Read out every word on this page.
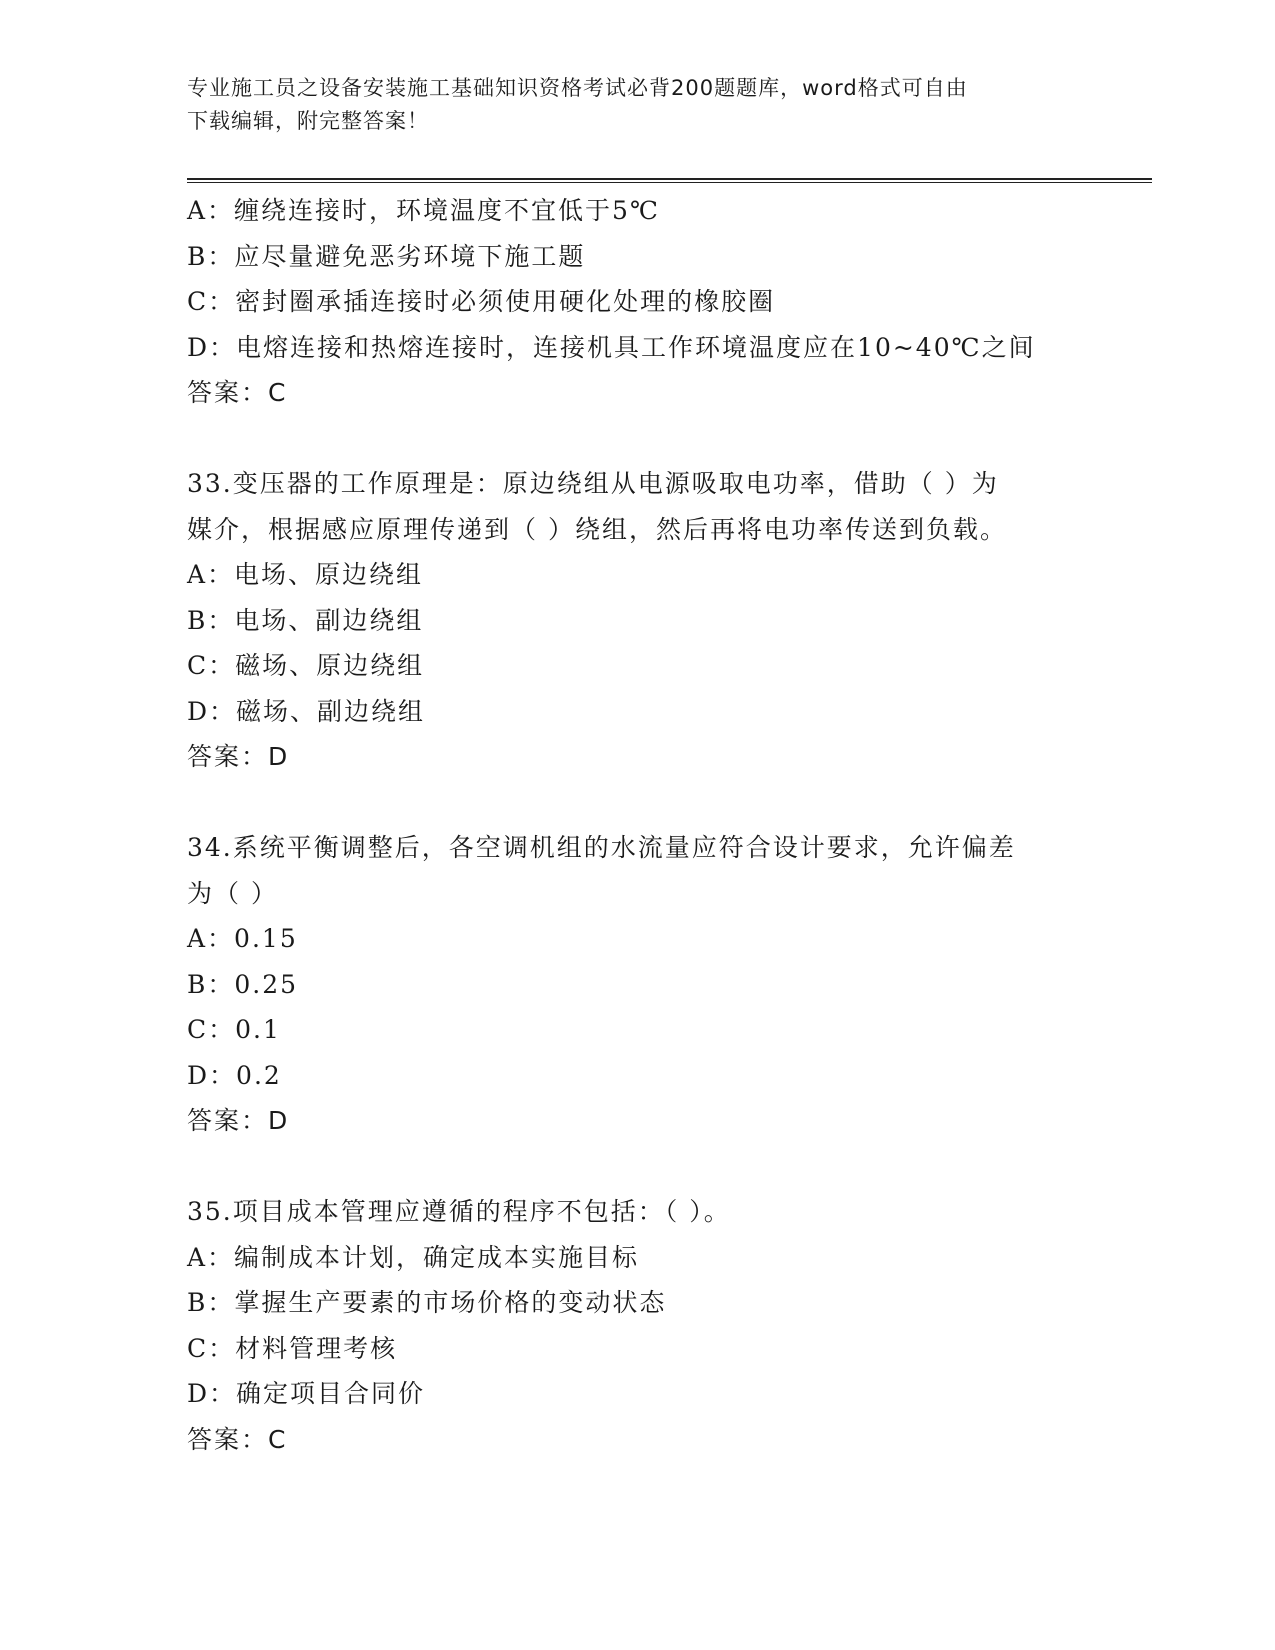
专业施工员之设备安装施工基础知识资格考试必背200题题库，word格式可自由
下载编辑，附完整答案！
A：缠绕连接时，环境温度不宜低于5℃
B：应尽量避免恶劣环境下施工题
C：密封圈承插连接时必须使用硬化处理的橡胶圈
D：电熔连接和热熔连接时，连接机具工作环境温度应在10~40℃之间
答案：C
33.变压器的工作原理是：原边绕组从电源吸取电功率，借助（ ）为
媒介，根据感应原理传递到（ ）绕组，然后再将电功率传送到负载。
A：电场、原边绕组
B：电场、副边绕组
C：磁场、原边绕组
D：磁场、副边绕组
答案：D
34.系统平衡调整后，各空调机组的水流量应符合设计要求，允许偏差
为（ ）
A：0.15
B：0.25
C：0.1
D：0.2
答案：D
35.项目成本管理应遵循的程序不包括：（ ）。
A：编制成本计划，确定成本实施目标
B：掌握生产要素的市场价格的变动状态
C：材料管理考核
D：确定项目合同价
答案：C
